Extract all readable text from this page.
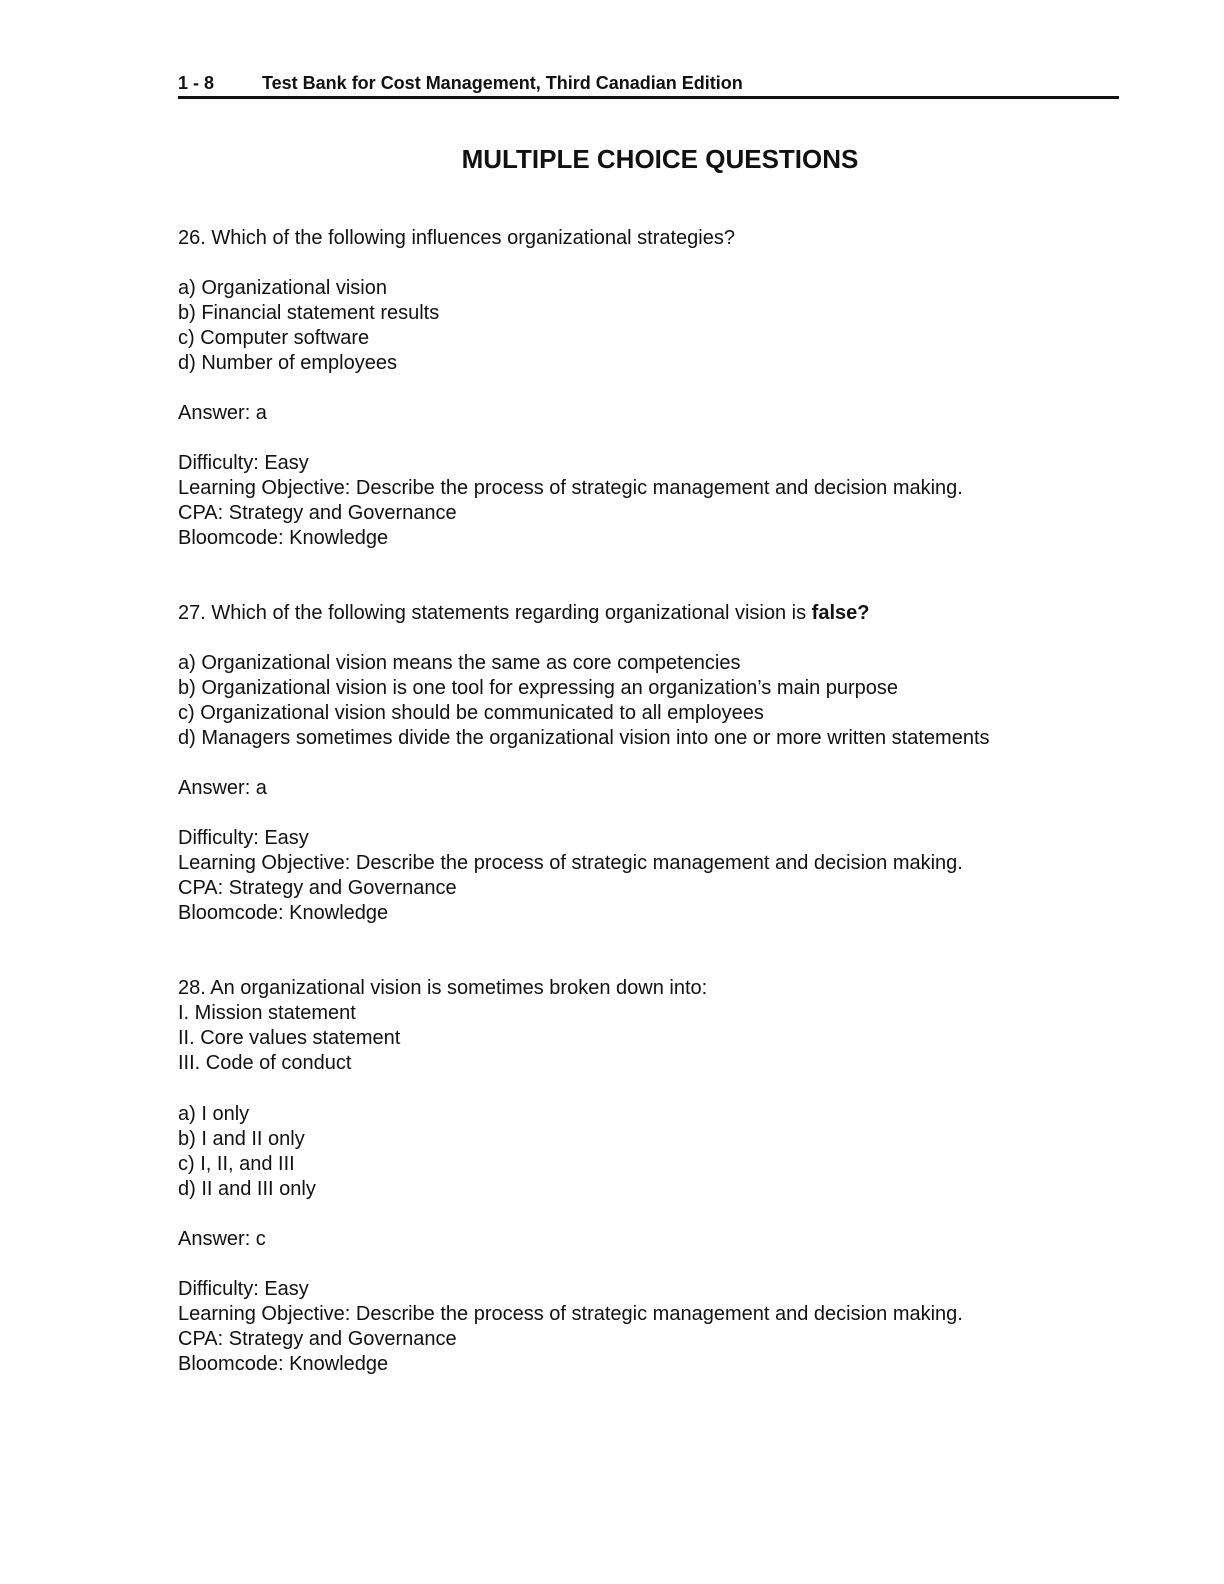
1 - 8	Test Bank for Cost Management, Third Canadian Edition
MULTIPLE CHOICE QUESTIONS
26. Which of the following influences organizational strategies?
a) Organizational vision
b) Financial statement results
c) Computer software
d) Number of employees
Answer: a
Difficulty: Easy
Learning Objective: Describe the process of strategic management and decision making.
CPA: Strategy and Governance
Bloomcode: Knowledge
27. Which of the following statements regarding organizational vision is false?
a) Organizational vision means the same as core competencies
b) Organizational vision is one tool for expressing an organization’s main purpose
c) Organizational vision should be communicated to all employees
d) Managers sometimes divide the organizational vision into one or more written statements
Answer: a
Difficulty: Easy
Learning Objective: Describe the process of strategic management and decision making.
CPA: Strategy and Governance
Bloomcode: Knowledge
28. An organizational vision is sometimes broken down into:
I. Mission statement
II. Core values statement
III. Code of conduct
a) I only
b) I and II only
c) I, II, and III
d) II and III only
Answer: c
Difficulty: Easy
Learning Objective: Describe the process of strategic management and decision making.
CPA: Strategy and Governance
Bloomcode: Knowledge
